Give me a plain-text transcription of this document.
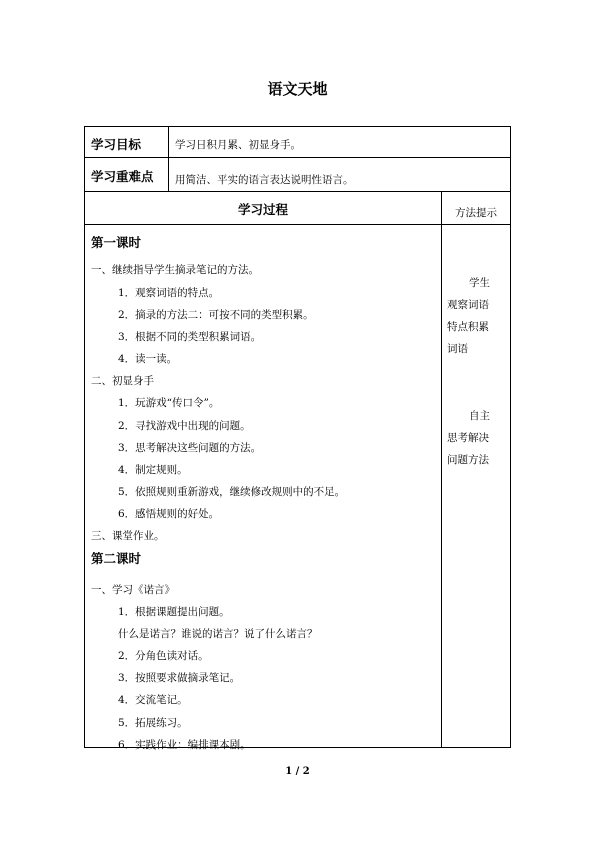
语文天地
学习目标	学习日积月累、初显身手。
学习重难点 用简洁、平实的语言表达说明性语言。
学习过程	方法提示
第一课时
一、继续指导学生摘录笔记的方法。
1．观察词语的特点。
2．摘录的方法二：可按不同的类型积累。
3．根据不同的类型积累词语。
4．读一读。
二、初显身手
1．玩游戏“传口令”。
2．寻找游戏中出现的问题。
3．思考解决这些问题的方法。
4．制定规则。
5．依照规则重新游戏，继续修改规则中的不足。
6．感悟规则的好处。
三、课堂作业。
第二课时
一、学习《诺言》
1．根据课题提出问题。
什么是诺言？谁说的诺言？说了什么诺言？
2．分角色读对话。
3．按照要求做摘录笔记。
4．交流笔记。
5．拓展练习。
6．实践作业：编排课本剧。
学生
观察词语
特点积累
词语
自主
思考解决
问题方法
1 / 2
